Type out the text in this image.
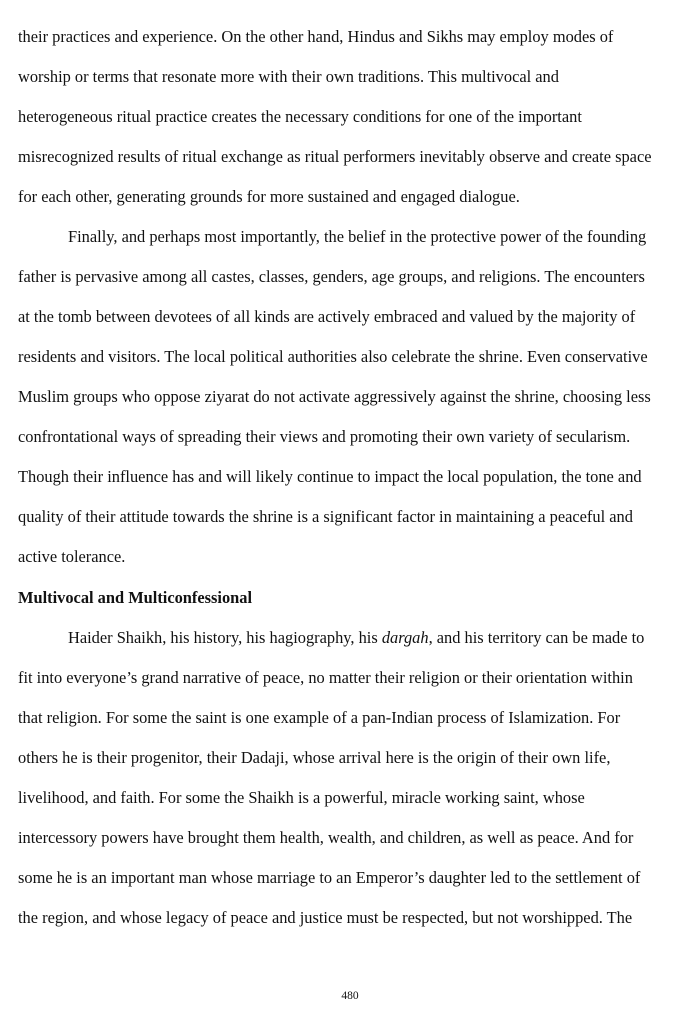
their practices and experience. On the other hand, Hindus and Sikhs may employ modes of
worship or terms that resonate more with their own traditions. This multivocal and
heterogeneous ritual practice creates the necessary conditions for one of the important
misrecognized results of ritual exchange as ritual performers inevitably observe and create space
for each other, generating grounds for more sustained and engaged dialogue.
Finally, and perhaps most importantly, the belief in the protective power of the founding
father is pervasive among all castes, classes, genders, age groups, and religions. The encounters
at the tomb between devotees of all kinds are actively embraced and valued by the majority of
residents and visitors. The local political authorities also celebrate the shrine. Even conservative
Muslim groups who oppose ziyarat do not activate aggressively against the shrine, choosing less
confrontational ways of spreading their views and promoting their own variety of secularism.
Though their influence has and will likely continue to impact the local population, the tone and
quality of their attitude towards the shrine is a significant factor in maintaining a peaceful and
active tolerance.
Multivocal and Multiconfessional
Haider Shaikh, his history, his hagiography, his dargah, and his territory can be made to
fit into everyone’s grand narrative of peace, no matter their religion or their orientation within
that religion. For some the saint is one example of a pan-Indian process of Islamization. For
others he is their progenitor, their Dadaji, whose arrival here is the origin of their own life,
livelihood, and faith. For some the Shaikh is a powerful, miracle working saint, whose
intercessory powers have brought them health, wealth, and children, as well as peace. And for
some he is an important man whose marriage to an Emperor’s daughter led to the settlement of
the region, and whose legacy of peace and justice must be respected, but not worshipped. The
480
